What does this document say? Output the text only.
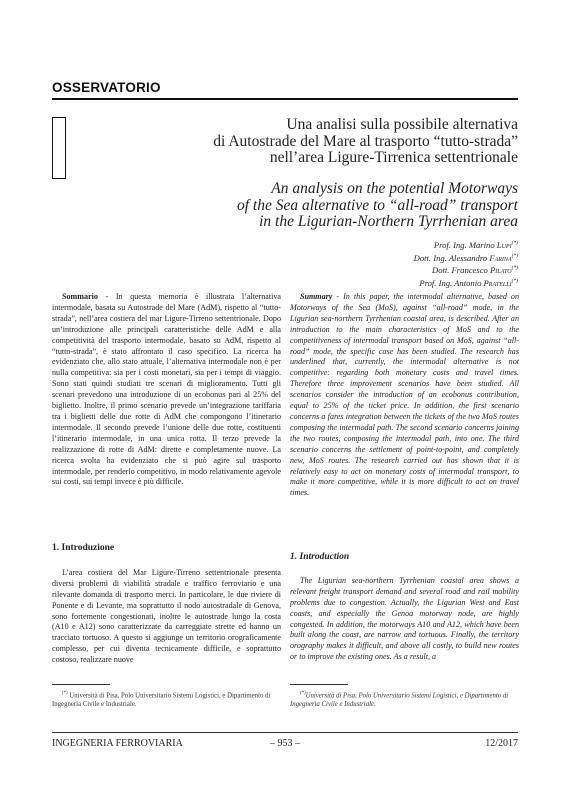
OSSERVATORIO
Una analisi sulla possibile alternativa
di Autostrade del Mare al trasporto “tutto-strada”
nell’area Ligure-Tirrenica settentrionale
An analysis on the potential Motorways
of the Sea alternative to “all-road” transport
in the Ligurian-Northern Tyrrhenian area
Prof. Ing. Marino Lupi(*)
Dott. Ing. Alessandro Farina(*)
Dott. Francesco Pilato(*)
Prof. Ing. Antonio Pratelli(*)

Sommario - In questa memoria è illustrata l’alternativa intermodale, basata su Autostrade del Mare (AdM), rispetto al “tutto-strada”, nell’area costiera del mar Ligure-Tirreno settentrionale. Dopo un’introduzione alle principali caratteristiche delle AdM e alla competitività del trasporto intermodale, basato su AdM, rispetto al “tutto-strada”, è stato affrontato il caso specifico. La ricerca ha evidenziato che, allo stato attuale, l’alternativa intermodale non è per nulla competitiva: sia per i costi monetari, sia per i tempi di viaggio. Sono stati quindi studiati tre scenari di miglioramento. Tutti gli scenari prevedono una introduzione di un ecobonus pari al 25% del biglietto. Inoltre, il primo scenario prevede un’integrazione tariffaria tra i biglietti delle due rotte di AdM che compongono l’itinerario intermodale. Il secondo prevede l’unione delle due rotte, costituenti l’itinerario intermodale, in una unica rotta. Il terzo prevede la realizzazione di rotte di AdM: dirette e completamente nuove. La ricerca svolta ha evidenziato che si può agire sul trasporto intermodale, per renderlo competitivo, in modo relativamente agevole sui costi, sui tempi invece è più difficile.

1. Introduzione

L’area costiera del Mar Ligure-Tirreno settentrionale presenta diversi problemi di viabilità stradale e traffico ferroviario e una rilevante domanda di trasporto merci. In particolare, le due riviere di Ponente e di Levante, ma soprattutto il nodo autostradale di Genova, sono fortemente congestionati, inoltre le autostrade lungo la costa (A10 e A12) sono caratterizzate da carreggiate strette ed hanno un tracciato tortuoso. A questo si aggiunge un territorio orograficamente complesso, per cui diventa tecnicamente difficile, e soprattutto costoso, realizzare nuove

Summary - In this paper, the intermodal alternative, based on Motorways of the Sea (MoS), against “all-road” mode, in the Ligurian sea-northern Tyrrhenian coastal area, is described. After an introduction to the main characteristics of MoS and to the competitiveness of intermodal transport based on MoS, against “all-road” mode, the specific case has been studied. The research has underlined that, currently, the intermodal alternative is not competitive: regarding both monetary costs and travel times. Therefore three improvement scenarios have been studied. All scenarios consider the introduction of an ecobonus contribution, equal to 25% of the ticket price. In addition, the first scenario concerns a fares integration between the tickets of the two MoS routes composing the intermodal path. The second scenario concerns joining the two routes, composing the intermodal path, into one. The third scenario concerns the settlement of point-to-point, and completely new, MoS routes. The research carried out has shown that it is relatively easy to act on monetary costs of intermodal transport, to make it more competitive, while it is more difficult to act on travel times.

1. Introduction

The Ligurian sea-northern Tyrrhenian coastal area shows a relevant freight transport demand and several road and rail mobility problems due to congestion. Actually, the Ligurian West and East coasts, and especially the Genoa motorway node, are highly congested. In addition, the motorways A10 and A12, which have been built along the coast, are narrow and tortuous. Finally, the territory orography makes it difficult, and above all costly, to build new routes or to improve the existing ones. As a result, a

(*) Università di Pisa, Polo Universitario Sistemi Logistici, e Dipartimento di Ingegneria Civile e Industriale.
(*)Università di Pisa, Polo Universitario Sistemi Logistici, e Dipartimento di Ingegneria Civile e Industriale.
INGEGNERIA FERROVIARIA	– 953 –	12/2017
